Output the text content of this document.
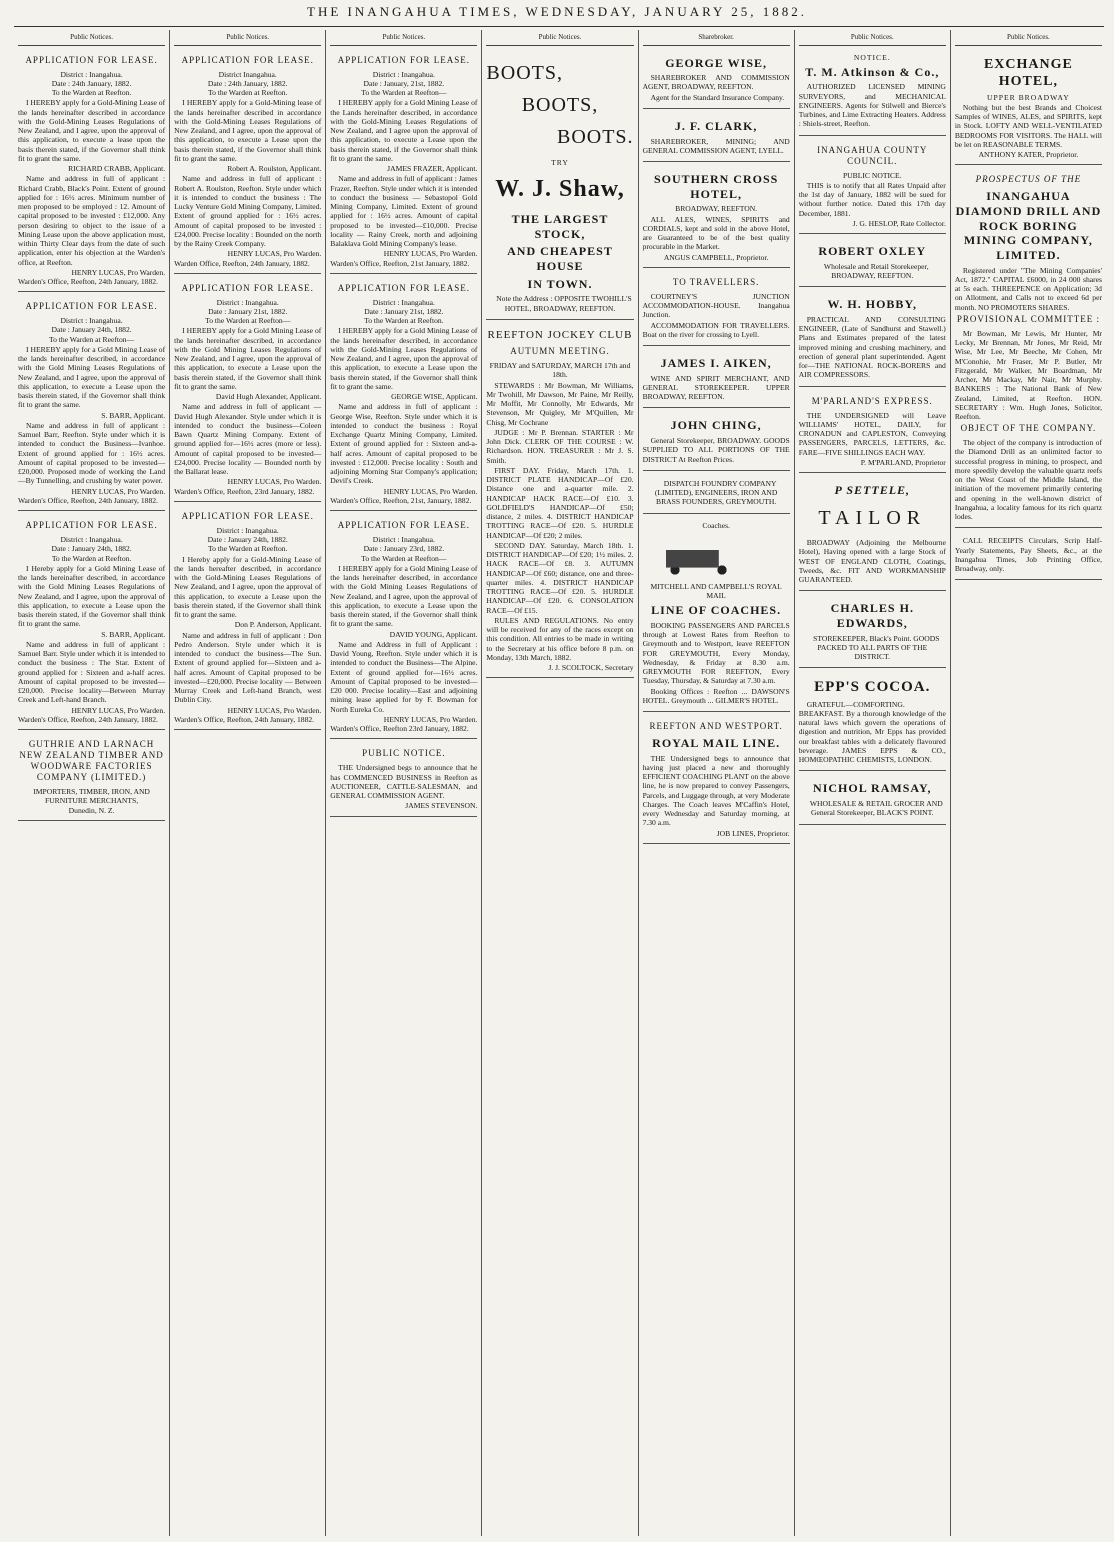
THE INANGAHUA TIMES, WEDNESDAY, JANUARY 25, 1882.
Public Notices.
APPLICATION FOR LEASE.
District : Inangahua.
Date : 24th January, 1882.
To the Warden at Reefton.

I HEREBY apply for a Gold-Mining Lease of the lands hereinafter described in accordance with the Gold-Mining Leases Regulations of New Zealand, and I agree, upon the approval of this application, to execute a lease upon the basis therein stated, if the Governor shall think fit to grant the same.

RICHARD CRABB, Applicant.

Name and address in full of applicant : Richard Crabb, Black's Point. Extent of ground applied for : 16½ acres. Minimum number of men proposed to be employed : 12. Amount of capital proposed to be invested : £12,000. Any person desiring to object to the issue of a Mining Lease upon the above application must, within Thirty Clear days from the date of such application, enter his objection at the Warden's office, at Reefton.

HENRY LUCAS, Pro Warden.
Warden's Office, Reefton, 24th January, 1882.
APPLICATION FOR LEASE.
District : Inangahua.
Date : January 24th, 1882.
To the Warden at Reefton—

I HEREBY apply for a Gold Mining Lease of the lands hereinafter described, in accordance with the Gold Mining Leases Regulations of New Zealand, and I agree, upon the approval of this application, to execute a Lease upon the basis therein stated, if the Governor shall think fit to grant the same.

S. BARR, Applicant.

Name and address in full of applicant : Samuel Barr, Reefton. Style under which it is intended to conduct the Business—Ivanhoe. Extent of ground applied for : 16½ acres. Amount of capital proposed to be invested—£20,000. Proposed mode of working the Land—By Tunnelling, and crushing by water power.

HENRY LUCAS, Pro Warden.
Warden's Office, Reefton, 24th January, 1882.
APPLICATION FOR LEASE.
District : Inangahua.
Date : January 24th, 1882.
To the Warden at Reefton.

I Hereby apply for a Gold Mining Lease of the lands hereinafter described, in accordance with the Gold Mining Leases Regulations of New Zealand, and I agree, upon the approval of this application, to execute a Lease upon the basis therein stated, if the Governor shall think fit to grant the same.

S. BARR, Applicant.

Name and address in full of applicant : Samuel Barr. Style under which it is intended to conduct the business : The Star. Extent of ground applied for : Sixteen and a-half acres. Amount of capital proposed to be invested—£20,000. Precise locality—Between Murray Creek and Left-hand Branch.

HENRY LUCAS, Pro Warden.
Warden's Office, Reefton, 24th January, 1882.
GUTHRIE AND LARNACH NEW ZEALAND TIMBER AND WOODWARE FACTORIES COMPANY (LIMITED.)
IMPORTERS, TIMBER, IRON, AND FURNITURE MERCHANTS,
Dunedin, N. Z.
Public Notices.
APPLICATION FOR LEASE.
District Inangahua.
Date : 24th January, 1882.
To the Warden at Reefton.

I HEREBY apply for a Gold-Mining lease of the lands hereinafter described in accordance with the Gold-Mining Leases Regulations of New Zealand, and I agree, upon the approval of this application, to execute a Lease upon the basis therein stated, if the Governor shall think fit to grant the same.

Robert A. Roulston, Applicant.

Name and address in full of applicant : Robert A. Roulston, Reefton. Style under which it is intended to conduct the business : The Lucky Venture Gold Mining Company, Limited. Extent of ground applied for : 16½ acres. Amount of capital proposed to be invested : £24,000. Precise locality : Bounded on the north by the Rainy Creek Company.

HENRY LUCAS, Pro Warden.
Warden Office, Reefton, 24th January, 1882.
APPLICATION FOR LEASE.
District : Inangahua.
Date : January 21st, 1882.
To the Warden at Reefton—

I HEREBY apply for a Gold Mining Lease of the lands hereinafter described, in accordance with the Gold Mining Leases Regulations of New Zealand, and I agree, upon the approval of this application, to execute a Lease upon the basis therein stated, if the Governor shall think fit to grant the same.

David Hugh Alexander, Applicant.

Name and address in full of applicant —David Hugh Alexander. Style under which it is intended to conduct the business—Coleen Bawn Quartz Mining Company. Extent of ground applied for—16½ acres (more or less). Amount of capital proposed to be invested—£24,000. Precise locality — Bounded north by the Ballarat lease.

HENRY LUCAS, Pro Warden.
Warden's Office, Reefton, 23rd January, 1882.
APPLICATION FOR LEASE.
District : Inangahua.
Date : January 24th, 1882.
To the Warden at Reefton.

I Hereby apply for a Gold-Mining Lease of the lands hereafter described, in accordance with the Gold-Mining Leases Regulations of New Zealand, and I agree, upon the approval of this application, to execute a Lease upon the basis therein stated, if the Governor shall think fit to grant the same.

Don P. Anderson, Applicant.

Name and address in full of applicant : Don Pedro Anderson. Style under which it is intended to conduct the business—The Sun. Extent of ground applied for—Sixteen and a-half acres. Amount of Capital proposed to be invested—£20,000. Precise locality — Between Murray Creek and Left-hand Branch, west Dublin City.

HENRY LUCAS, Pro Warden.
Warden's Office, Reefton, 24th January, 1882.
Public Notices.
APPLICATION FOR LEASE.
District : Inangahua.
Date : January, 21st, 1882.
To the Warden at Reefton—

I HEREBY apply for a Gold Mining Lease of the Lands hereinafter described, in accordance with the Gold-Mining Leases Regulations of New Zealand, and I agree upon the approval of this application, to execute a Lease upon the basis therein stated, if the Governor shall think fit to grant the same.

JAMES FRAZER, Applicant.

Name and address in full of applicant : James Frazer, Reefton. Style under which it is intended to conduct the business — Sebastopol Gold Mining Company, Limited. Extent of ground applied for : 16½ acres. Amount of capital proposed to be invested—£10,000. Precise locality — Rainy Creek, north and adjoining Balaklava Gold Mining Company's lease.

HENRY LUCAS, Pro Warden.
Warden's Office, Reefton, 21st January, 1882.
APPLICATION FOR LEASE.
District : Inangahua.
Date : January 21st, 1882.
To the Warden at Reefton.

I HEREBY apply for a Gold Mining Lease of the lands hereinafter described, in accordance with the Gold-Mining Leases Regulations of New Zealand, and I agree, upon the approval of this application, to execute a Lease upon the basis therein stated, if the Governor shall think fit to grant the same.

GEORGE WISE, Applicant.

Name and address in full of applicant : George Wise, Reefton. Style under which it is intended to conduct the business : Royal Exchange Quartz Mining Company, Limited. Extent of ground applied for : Sixteen and-a-half acres. Amount of capital proposed to be invested : £12,000. Precise locality : South and adjoining Morning Star Company's application; Devil's Creek.

HENRY LUCAS, Pro Warden.
Warden's Office, Reefton, 21st, January, 1882.
APPLICATION FOR LEASE.
District : Inangahua.
Date : January 23rd, 1882.
To the Warden at Reefton—

I HEREBY apply for a Gold Mining Lease of the lands hereinafter described, in accordance with the Gold Mining Leases Regulations of New Zealand, and I agree, upon the approval of this application, to execute a Lease upon the basis therein stated, if the Governor shall think fit to grant the same.

DAVID YOUNG, Applicant.

Name and Address in full of Applicant : David Young, Reefton. Style under which it is intended to conduct the Business—The Alpine. Extent of ground applied for—16½ acres. Amount of Capital proposed to be invested—£20 000. Precise locality—East and adjoining mining lease applied for by F. Bowman for North Eureka Co.

HENRY LUCAS, Pro Warden.
Warden's Office, Reefton 23rd January, 1882.
PUBLIC NOTICE.

THE Undersigned begs to announce that he has COMMENCED BUSINESS in Reefton as AUCTIONEER, CATTLE-SALESMAN, and GENERAL COMMISSION AGENT.

JAMES STEVENSON.
Public Notices.
BOOTS,
BOOTS,
BOOTS.
TRY
W. J. Shaw,
THE LARGEST STOCK,
AND CHEAPEST HOUSE
IN TOWN.

Note the Address : OPPOSITE TWOHILL'S HOTEL, BROADWAY, REEFTON.

REEFTON JOCKEY CLUB
AUTUMN MEETING.
FRIDAY and SATURDAY, MARCH 17th and 18th.

STEWARDS : Mr Bowman, Mr Williams, Mr Twohill, Mr Dawson, Mr Paine, Mr Reilly, Mr Moffit, Mr Connolly, Mr Edwards, Mr Stevenson, Mr Quigley, Mr M'Quillen, Mr Chisg, Mr Cochrane

JUDGE : Mr P. Brennan. STARTER : Mr John Dick. CLERK OF THE COURSE : W. Richardson. HON. TREASURER : Mr J. S. Smith.

FIRST DAY. Friday, March 17th. 1. DISTRICT PLATE HANDICAP—Of £20. Distance one and a-quarter mile. 2. HANDICAP HACK RACE—Of £10. 3. GOLDFIELD'S HANDICAP—Of £50; distance, 2 miles. 4. DISTRICT HANDICAP TROTTING RACE—Of £20. 5. HURDLE HANDICAP—Of £20; 2 miles.

SECOND DAY. Saturday, March 18th. 1. DISTRICT HANDICAP—Of £20; 1½ miles. 2. HACK RACE—Of £8. 3. AUTUMN HANDICAP—Of £60; distance, one and three-quarter miles. 4. DISTRICT HANDICAP TROTTING RACE—Of £20. 5. HURDLE HANDICAP—Of £20. 6. CONSOLATION RACE—Of £15.

RULES AND REGULATIONS. No entry will be received for any of the races except on this condition. All entries to be made in writing to the Secretary at his office before 8 p.m. on Monday, 13th March, 1882.

J. J. SCOLTOCK, Secretary
Sharebroker.
GEORGE WISE,

SHAREBROKER AND COMMISSION AGENT, BROADWAY, REEFTON.

Agent for the Standard Insurance Company.

J. F. CLARK,

SHAREBROKER, MINING; AND GENERAL COMMISSION AGENT, LYELL.

SOUTHERN CROSS HOTEL,
BROADWAY, REEFTON.

ALL ALES, WINES, SPIRITS and CORDIALS, kept and sold in the above Hotel, are Guaranteed to be of the best quality procurable in the Market.

ANGUS CAMPBELL, Proprietor.
TO TRAVELLERS.

COURTNEY'S JUNCTION ACCOMMODATION-HOUSE. Inangahua Junction.

ACCOMMODATION FOR TRAVELLERS. Boat on the river for crossing to Lyell.

JAMES I. AIKEN,

WINE AND SPIRIT MERCHANT, AND GENERAL STOREKEEPER. UPPER BROADWAY, REEFTON.

JOHN CHING,

General Storekeeper, BROADWAY. GOODS SUPPLIED TO ALL PORTIONS OF THE DISTRICT At Reefton Prices.

DISPATCH FOUNDRY COMPANY (LIMITED), ENGINEERS, IRON AND BRASS FOUNDERS, GREYMOUTH.

Coaches.
MITCHELL AND CAMPBELL'S ROYAL MAIL
LINE OF COACHES.

BOOKING PASSENGERS AND PARCELS through at Lowest Rates from Reefton to Greymouth and to Westport, leave REEFTON FOR GREYMOUTH, Every Monday, Wednesday, & Friday at 8.30 a.m. GREYMOUTH FOR REEFTON, Every Tuesday, Thursday, & Saturday at 7.30 a.m.

Booking Offices : Reefton ... DAWSON'S HOTEL. Greymouth ... GILMER'S HOTEL.

REEFTON AND WESTPORT.
ROYAL MAIL LINE.

THE Undersigned begs to announce that having just placed a new and thoroughly EFFICIENT COACHING PLANT on the above line, he is now prepared to convey Passengers, Parcels, and Luggage through, at very Moderate Charges. The Coach leaves M'Caffin's Hotel, every Wednesday and Saturday morning, at 7.30 a.m.

JOB LINES, Proprietor.
Public Notices.
NOTICE.
T. M. Atkinson & Co.,

AUTHORIZED LICENSED MINING SURVEYORS, and MECHANICAL ENGINEERS. Agents for Stilwell and Bierce's Turbines, and Lime Extracting Heaters. Address : Shiels-street, Reefton.

INANGAHUA COUNTY COUNCIL.
PUBLIC NOTICE.

THIS is to notify that all Rates Unpaid after the 1st day of January, 1882 will be sued for without further notice. Dated this 17th day December, 1881.

J. G. HESLOP, Rate Collector.
ROBERT OXLEY

Wholesale and Retail Storekeeper, BROADWAY, REEFTON.

W. H. HOBBY,

PRACTICAL AND CONSULTING ENGINEER, (Late of Sandhurst and Stawell.) Plans and Estimates prepared of the latest improved mining and crushing machinery, and erection of general plant superintended. Agent for—THE NATIONAL ROCK-BORERS and AIR COMPRESSORS.

M'PARLAND'S EXPRESS.

THE UNDERSIGNED will Leave WILLIAMS' HOTEL, DAILY, for CRONADUN and CAPLESTON, Conveying PASSENGERS, PARCELS, LETTERS, &c. FARE—FIVE SHILLINGS EACH WAY.

P. M'PARLAND, Proprietor
P SETTELE,
TAILOR

BROADWAY (Adjoining the Melbourne Hotel), Having opened with a large Stock of WEST OF ENGLAND CLOTH, Coatings, Tweeds, &c. FIT AND WORKMANSHIP GUARANTEED.

CHARLES H. EDWARDS,

STOREKEEPER, Black's Point. GOODS PACKED TO ALL PARTS OF THE DISTRICT.

EPP'S COCOA.

GRATEFUL—COMFORTING. BREAKFAST. By a thorough knowledge of the natural laws which govern the operations of digestion and nutrition, Mr Epps has provided our breakfast tables with a delicately flavoured beverage. JAMES EPPS & CO., HOMŒOPATHIC CHEMISTS, LONDON.

NICHOL RAMSAY,

WHOLESALE & RETAIL GROCER AND General Storekeeper, BLACK'S POINT.

Public Notices.
EXCHANGE HOTEL,
UPPER BROADWAY

Nothing but the best Brands and Choicest Samples of WINES, ALES, and SPIRITS, kept in Stock. LOFTY AND WELL-VENTILATED BEDROOMS FOR VISITORS. The HALL will be let on REASONABLE TERMS.

ANTHONY KATER, Proprietor.
PROSPECTUS OF THE
INANGAHUA DIAMOND DRILL AND ROCK BORING MINING COMPANY, LIMITED.

Registered under "The Mining Companies' Act, 1872." CAPITAL £6000, in 24 000 shares at 5s each. THREEPENCE on Application; 3d on Allotment, and Calls not to exceed 6d per month. NO PROMOTERS SHARES.

PROVISIONAL COMMITTEE :

Mr Bowman, Mr Lewis, Mr Hunter, Mr Lecky, Mr Brennan, Mr Jones, Mr Reid, Mr Wise, Mr Lee, Mr Beeche, Mr Cohen, Mr M'Conohie, Mr Fraser, Mr P. Butler, Mr Fitzgerald, Mr Walker, Mr Boardman, Mr Archer, Mr Mackay, Mr Nair, Mr Murphy. BANKERS : The National Bank of New Zealand, Limited, at Reefton. HON. SECRETARY : Wm. Hugh Jones, Solicitor, Reefton.

OBJECT OF THE COMPANY.

The object of the company is introduction of the Diamond Drill as an unlimited factor to successful progress in mining, to prospect, and more speedily develop the valuable quartz reefs on the West Coast of the Middle Island, the initiation of the movement primarily centering and opening in the well-known district of Inangahua, a locality famous for its rich quartz lodes.

CALL RECEIPTS Circulars, Scrip Half-Yearly Statements, Pay Sheets, &c., at the Inangahua Times, Job Printing Office, Broadway, only.
